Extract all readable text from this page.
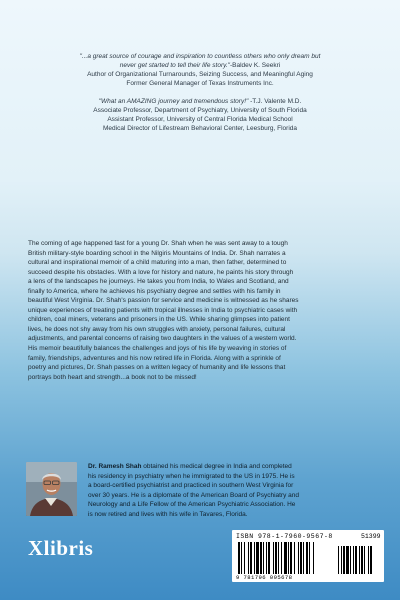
"...a great source of courage and inspiration to countless others who only dream but
never get started to tell their life story."-Baldev K. Seekri
Author of Organizational Turnarounds, Seizing Success, and Meaningful Aging
Former General Manager of Texas Instruments Inc.
"What an AMAZING journey and tremendous story!" -T.J. Valente M.D.
Associate Professor, Department of Psychiatry, University of South Florida
Assistant Professor, University of Central Florida Medical School
Medical Director of Lifestream Behavioral Center, Leesburg, Florida
The coming of age happened fast for a young Dr. Shah when he was sent away to a tough
British military-style boarding school in the Nilgiris Mountains of India. Dr. Shah narrates a
cultural and inspirational memoir of a child maturing into a man, then father, determined to
succeed despite his obstacles. With a love for history and nature, he paints his story through
a lens of the landscapes he journeys. He takes you from India, to Wales and Scotland, and
finally to America, where he achieves his psychiatry degree and settles with his family in
beautiful West Virginia. Dr. Shah's passion for service and medicine is witnessed as he shares
unique experiences of treating patients with tropical illnesses in India to psychiatric cases with
children, coal miners, veterans and prisoners in the US. While sharing glimpses into patient
lives, he does not shy away from his own struggles with anxiety, personal failures, cultural
adjustments, and parental concerns of raising two daughters in the values of a western world.
His memoir beautifully balances the challenges and joys of his life by weaving in stories of
family, friendships, adventures and his now retired life in Florida. Along with a sprinkle of
poetry and pictures, Dr. Shah passes on a written legacy of humanity and life lessons that
portrays both heart and strength...a book not to be missed!
Dr. Ramesh Shah obtained his medical degree in India and completed
his residency in psychiatry when he immigrated to the US in 1975. He is
a board-certified psychiatrist and practiced in southern West Virginia for
over 30 years. He is a diplomate of the American Board of Psychiatry and
Neurology and a Life Fellow of the American Psychiatric Association. He
is now retired and lives with his wife in Tavares, Florida.
Xlibris	ISBN 978-1-7960-9567-8	51399
9 781796 095678
